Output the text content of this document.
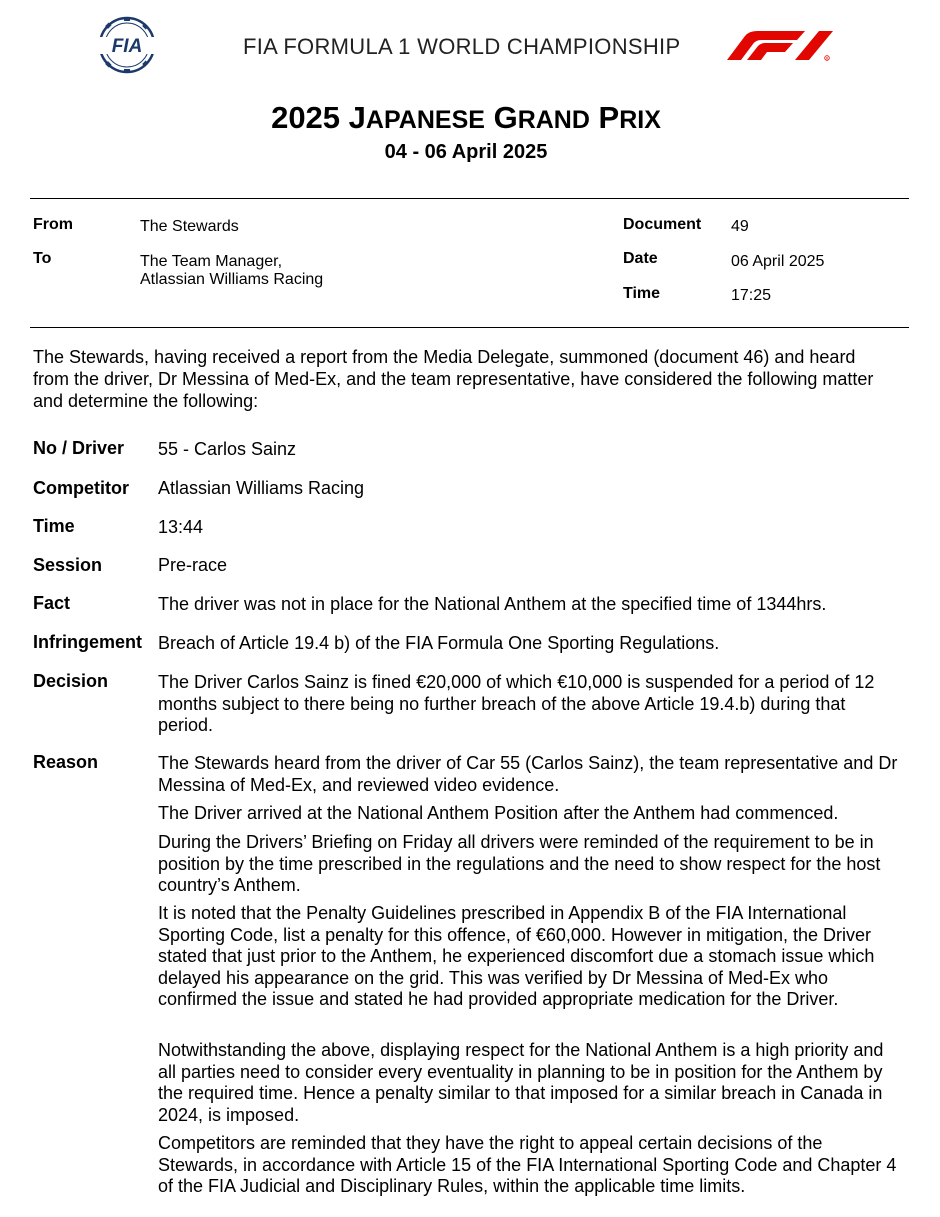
FIA	FIA FORMULA 1 WORLD CHAMPIONSHIP	R
2025 JAPANESE GRAND PRIX
04 - 06 April 2025
From	The Stewards
To	The Team Manager,
Atlassian Williams Racing
Document 49
Date	06 April 2025
Time	17:25
The Stewards, having received a report from the Media Delegate, summoned (document 46) and heard from the driver, Dr Messina of Med-Ex, and the team representative, have considered the following matter and determine the following:
No / Driver 55 - Carlos Sainz
Competitor Atlassian Williams Racing
Time	13:44
Session	Pre-race
Fact	The driver was not in place for the National Anthem at the specified time of 1344hrs.
Infringement Breach of Article 19.4 b) of the FIA Formula One Sporting Regulations.
Decision	The Driver Carlos Sainz is fined €20,000 of which €10,000 is suspended for a period of 12 months subject to there being no further breach of the above Article 19.4.b) during that period.
Reason	The Stewards heard from the driver of Car 55 (Carlos Sainz), the team representative and Dr Messina of Med-Ex, and reviewed video evidence.
The Driver arrived at the National Anthem Position after the Anthem had commenced.
During the Drivers’ Briefing on Friday all drivers were reminded of the requirement to be in position by the time prescribed in the regulations and the need to show respect for the host country’s Anthem.
It is noted that the Penalty Guidelines prescribed in Appendix B of the FIA International Sporting Code, list a penalty for this offence, of €60,000. However in mitigation, the Driver stated that just prior to the Anthem, he experienced discomfort due a stomach issue which delayed his appearance on the grid. This was verified by Dr Messina of Med-Ex who confirmed the issue and stated he had provided appropriate medication for the Driver.
Notwithstanding the above, displaying respect for the National Anthem is a high priority and all parties need to consider every eventuality in planning to be in position for the Anthem by the required time. Hence a penalty similar to that imposed for a similar breach in Canada in 2024, is imposed.
Competitors are reminded that they have the right to appeal certain decisions of the Stewards, in accordance with Article 15 of the FIA International Sporting Code and Chapter 4 of the FIA Judicial and Disciplinary Rules, within the applicable time limits.
